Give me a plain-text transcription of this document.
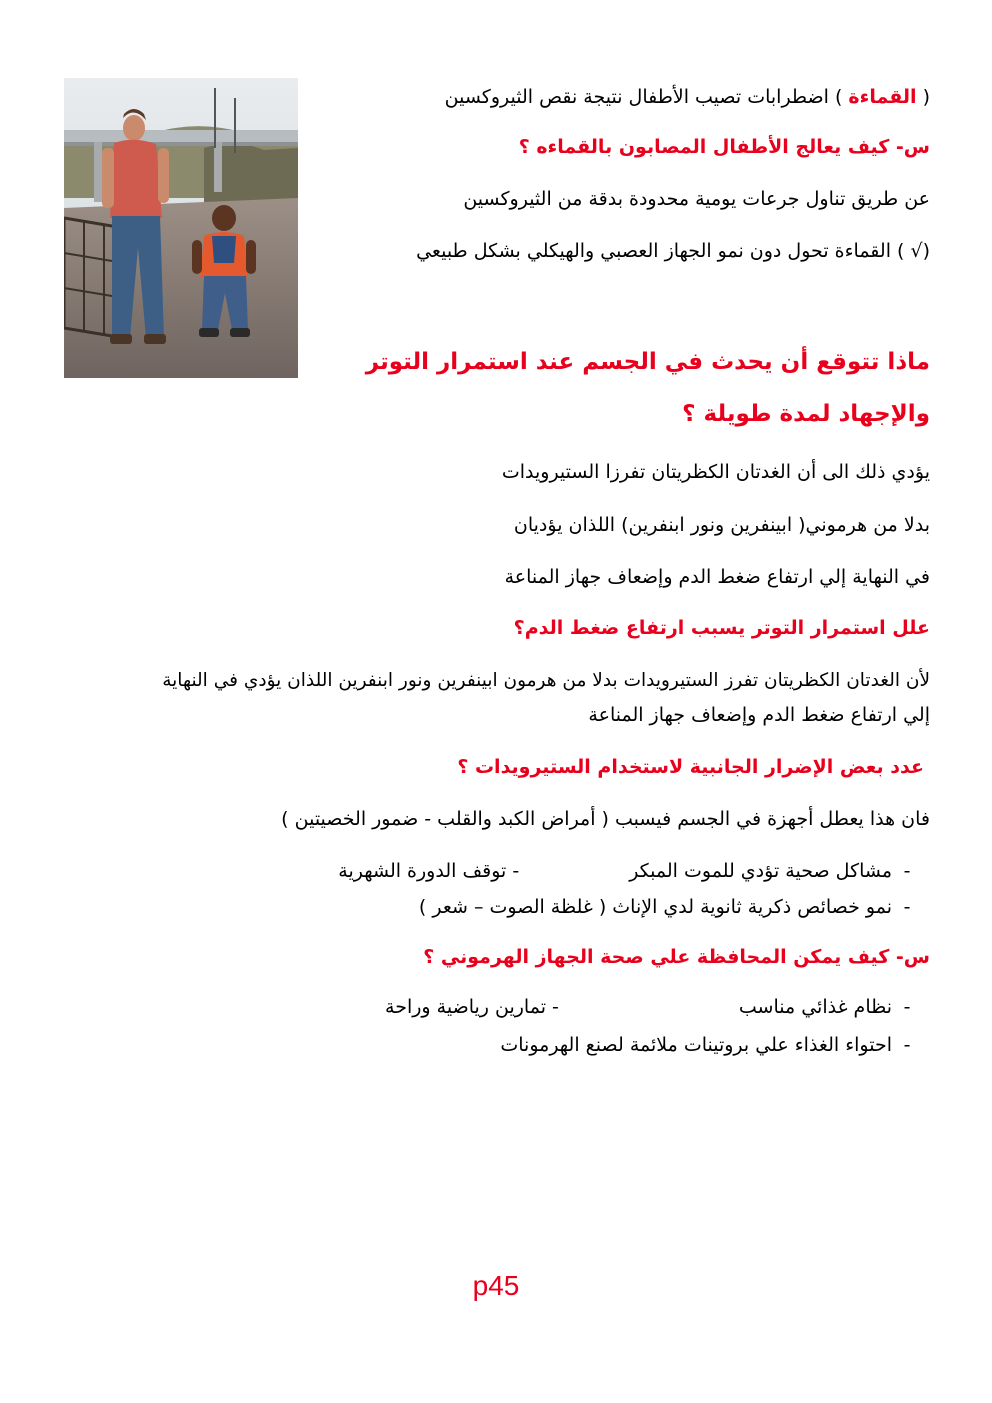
( القماءة ) اضطرابات تصيب الأطفال نتيجة نقص الثيروكسين
س- كيف يعالج الأطفال المصابون بالقماءه ؟
عن طريق تناول جرعات يومية محدودة بدقة من الثيروكسين
(√ ) القماءة تحول دون نمو الجهاز العصبي والهيكلي بشكل طبيعي
ماذا تتوقع أن يحدث في الجسم عند استمرار التوتر
والإجهاد لمدة طويلة ؟
يؤدي ذلك الى أن الغدتان الكظريتان تفرزا الستيرويدات
بدلا من هرموني( ابينفرين ونور ابنفرين) اللذان يؤديان
في النهاية إلي ارتفاع ضغط الدم وإضعاف جهاز المناعة
علل استمرار التوتر يسبب ارتفاع ضغط الدم؟
لأن الغدتان الكظريتان تفرز الستيرويدات بدلا من هرمون ابينفرين ونور ابنفرين اللذان يؤدي في النهاية
إلي ارتفاع ضغط الدم وإضعاف جهاز المناعة
عدد بعض الإضرار الجانبية لاستخدام الستيرويدات ؟
فان هذا يعطل أجهزة في الجسم فيسبب ( أمراض الكبد والقلب - ضمور الخصيتين )
-مشاكل صحية تؤدي للموت المبكر- توقف الدورة الشهرية
-نمو خصائص ذكرية ثانوية لدي الإناث ( غلظة الصوت – شعر )
س- كيف يمكن المحافظة علي صحة الجهاز الهرموني ؟
-نظام غذائي مناسب- تمارين رياضية وراحة
-احتواء الغذاء علي بروتينات ملائمة لصنع الهرمونات
p45
